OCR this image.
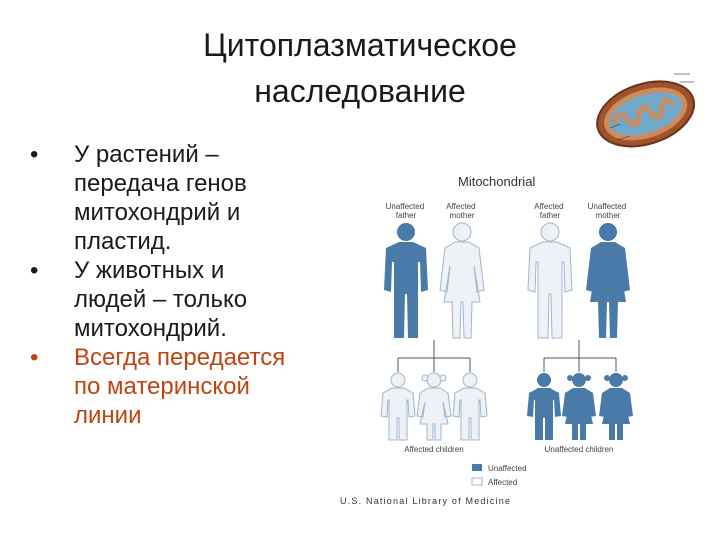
Цитоплазматическое
наследование
• У растений – передача генов митохондрий и пластид.
• У животных и людей – только митохондрий.
• Всегда передается по материнской линии
Mitochondrial
Unaffected father
Affected mother
Affected father
Unaffected mother
Affected children	Unaffected children
Unaffected
Affected
U.S. National Library of Medicine
